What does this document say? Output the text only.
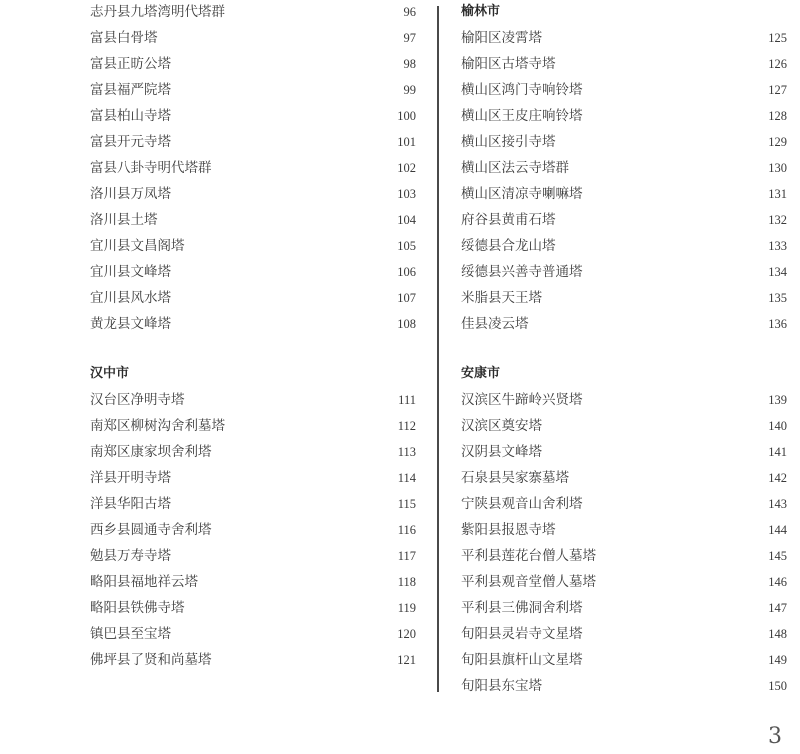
志丹县九塔湾明代塔群	96
富县白骨塔	97
富县正昉公塔	98
富县福严院塔	99
富县柏山寺塔	100
富县开元寺塔	101
富县八卦寺明代塔群	102
洛川县万凤塔	103
洛川县土塔	104
宜川县文昌阁塔	105
宜川县文峰塔	106
宜川县风水塔	107
黄龙县文峰塔	108
汉中市
汉台区净明寺塔	111
南郑区柳树沟舍利墓塔	112
南郑区康家坝舍利塔	113
洋县开明寺塔	114
洋县华阳古塔	115
西乡县圆通寺舍利塔	116
勉县万寿寺塔	117
略阳县福地祥云塔	118
略阳县铁佛寺塔	119
镇巴县至宝塔	120
佛坪县了贤和尚墓塔	121
榆林市
榆阳区凌霄塔	125
榆阳区古塔寺塔	126
横山区鸿门寺响铃塔	127
横山区王皮庄响铃塔	128
横山区接引寺塔	129
横山区法云寺塔群	130
横山区清凉寺喇嘛塔	131
府谷县黄甫石塔	132
绥德县合龙山塔	133
绥德县兴善寺普通塔	134
米脂县天王塔	135
佳县凌云塔	136
安康市
汉滨区牛蹄岭兴贤塔	139
汉滨区奠安塔	140
汉阴县文峰塔	141
石泉县吴家寨墓塔	142
宁陕县观音山舍利塔	143
紫阳县报恩寺塔	144
平利县莲花台僧人墓塔	145
平利县观音堂僧人墓塔	146
平利县三佛洞舍利塔	147
旬阳县灵岩寺文星塔	148
旬阳县旗杆山文星塔	149
旬阳县东宝塔	150
3
